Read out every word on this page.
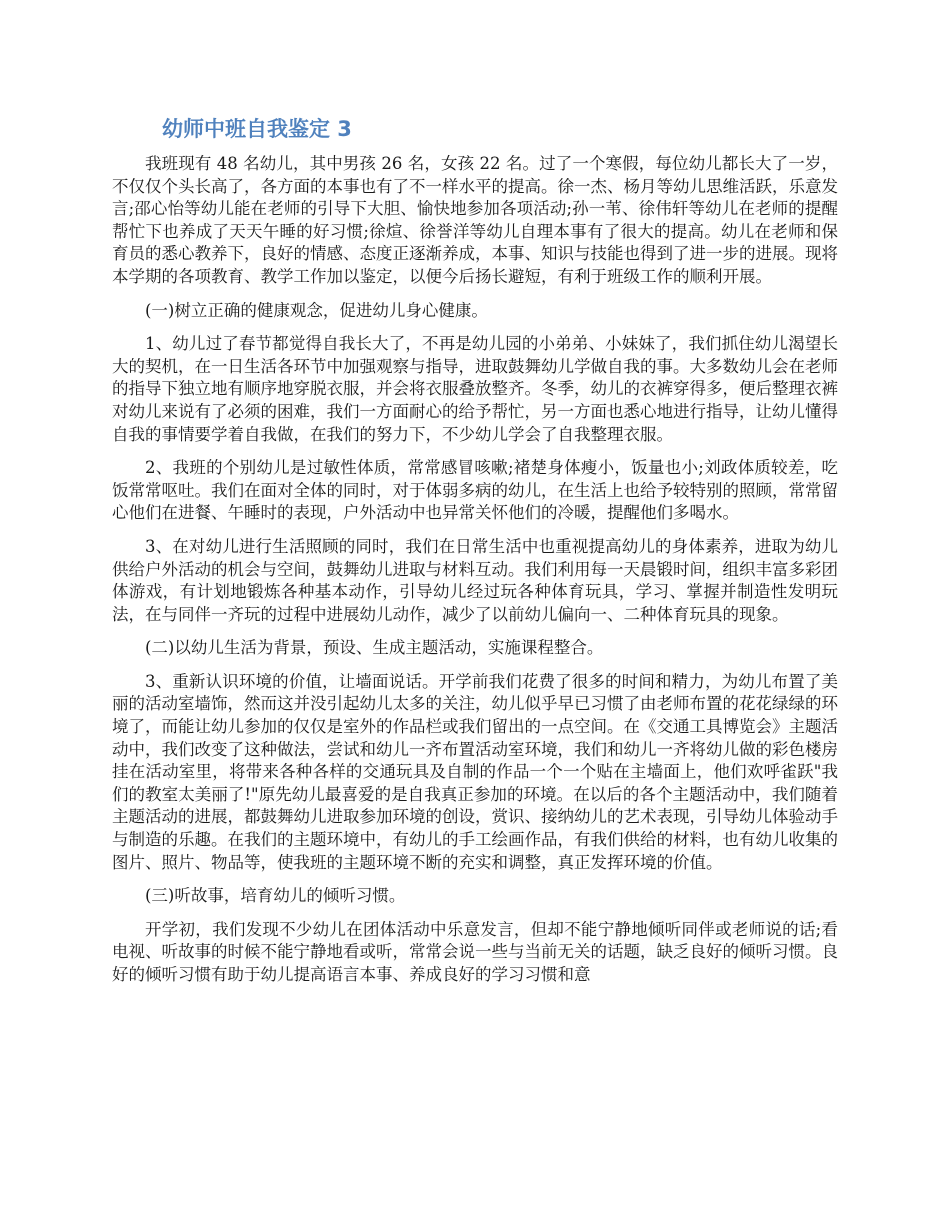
幼师中班自我鉴定 3

我班现有 48 名幼儿，其中男孩 26 名，女孩 22 名。过了一个寒假，每位幼儿都长大了一岁，不仅仅个头长高了，各方面的本事也有了不一样水平的提高。徐一杰、杨月等幼儿思维活跃，乐意发言;邵心怡等幼儿能在老师的引导下大胆、愉快地参加各项活动;孙一苇、徐伟轩等幼儿在老师的提醒帮忙下也养成了天天午睡的好习惯;徐煊、徐誉洋等幼儿自理本事有了很大的提高。幼儿在老师和保育员的悉心教养下，良好的情感、态度正逐渐养成，本事、知识与技能也得到了进一步的进展。现将本学期的各项教育、教学工作加以鉴定，以便今后扬长避短，有利于班级工作的顺利开展。

(一)树立正确的健康观念，促进幼儿身心健康。

1、幼儿过了春节都觉得自我长大了，不再是幼儿园的小弟弟、小妹妹了，我们抓住幼儿渴望长大的契机，在一日生活各环节中加强观察与指导，进取鼓舞幼儿学做自我的事。大多数幼儿会在老师的指导下独立地有顺序地穿脱衣服，并会将衣服叠放整齐。冬季，幼儿的衣裤穿得多，便后整理衣裤对幼儿来说有了必须的困难，我们一方面耐心的给予帮忙，另一方面也悉心地进行指导，让幼儿懂得自我的事情要学着自我做，在我们的努力下，不少幼儿学会了自我整理衣服。

2、我班的个别幼儿是过敏性体质，常常感冒咳嗽;褚楚身体瘦小，饭量也小;刘政体质较差，吃饭常常呕吐。我们在面对全体的同时，对于体弱多病的幼儿，在生活上也给予较特别的照顾，常常留心他们在进餐、午睡时的表现，户外活动中也异常关怀他们的冷暖，提醒他们多喝水。

3、在对幼儿进行生活照顾的同时，我们在日常生活中也重视提高幼儿的身体素养，进取为幼儿供给户外活动的机会与空间，鼓舞幼儿进取与材料互动。我们利用每一天晨锻时间，组织丰富多彩团体游戏，有计划地锻炼各种基本动作，引导幼儿经过玩各种体育玩具，学习、掌握并制造性发明玩法，在与同伴一齐玩的过程中进展幼儿动作，减少了以前幼儿偏向一、二种体育玩具的现象。

(二)以幼儿生活为背景，预设、生成主题活动，实施课程整合。

3、重新认识环境的价值，让墙面说话。开学前我们花费了很多的时间和精力，为幼儿布置了美丽的活动室墙饰，然而这并没引起幼儿太多的关注，幼儿似乎早已习惯了由老师布置的花花绿绿的环境了，而能让幼儿参加的仅仅是室外的作品栏或我们留出的一点空间。在《交通工具博览会》主题活动中，我们改变了这种做法，尝试和幼儿一齐布置活动室环境，我们和幼儿一齐将幼儿做的彩色楼房挂在活动室里，将带来各种各样的交通玩具及自制的作品一个一个贴在主墙面上，他们欢呼雀跃"我们的教室太美丽了!"原先幼儿最喜爱的是自我真正参加的环境。在以后的各个主题活动中，我们随着主题活动的进展，都鼓舞幼儿进取参加环境的创设，赏识、接纳幼儿的艺术表现，引导幼儿体验动手与制造的乐趣。在我们的主题环境中，有幼儿的手工绘画作品，有我们供给的材料，也有幼儿收集的图片、照片、物品等，使我班的主题环境不断的充实和调整，真正发挥环境的价值。

(三)听故事，培育幼儿的倾听习惯。

开学初，我们发现不少幼儿在团体活动中乐意发言，但却不能宁静地倾听同伴或老师说的话;看电视、听故事的时候不能宁静地看或听，常常会说一些与当前无关的话题，缺乏良好的倾听习惯。良好的倾听习惯有助于幼儿提高语言本事、养成良好的学习习惯和意
